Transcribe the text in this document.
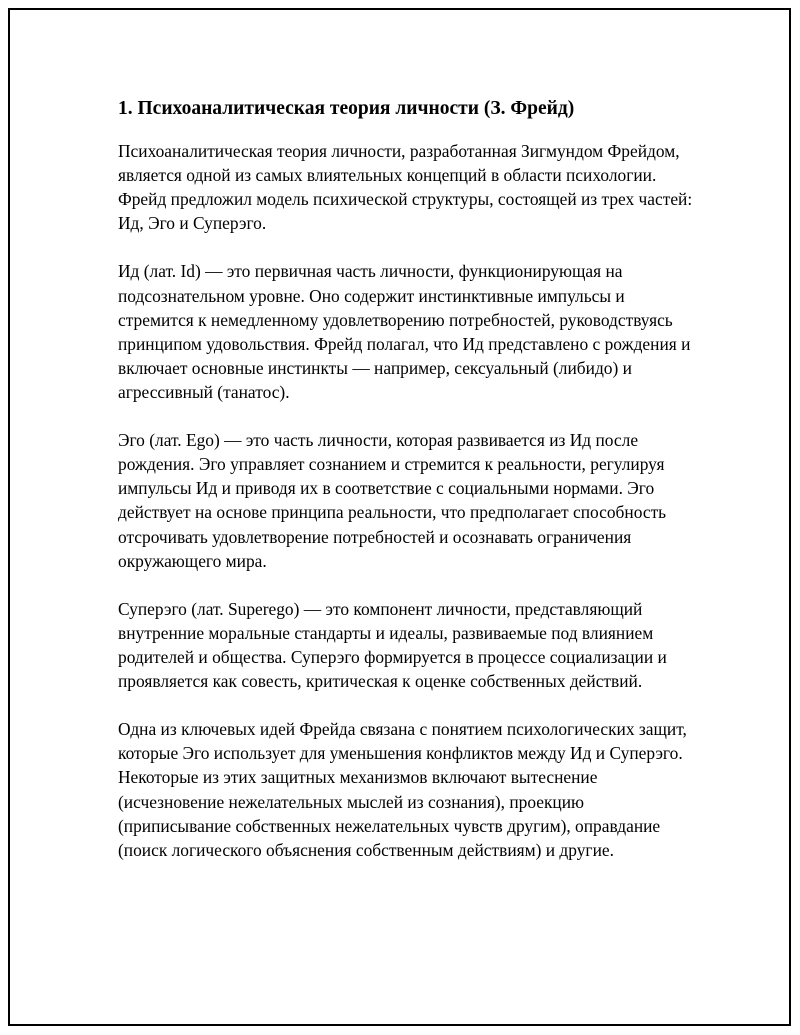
1. Психоаналитическая теория личности (З. Фрейд)

Психоаналитическая теория личности, разработанная Зигмундом Фрейдом, является одной из самых влиятельных концепций в области психологии. Фрейд предложил модель психической структуры, состоящей из трех частей: Ид, Эго и Суперэго.

Ид (лат. Id) — это первичная часть личности, функционирующая на подсознательном уровне. Оно содержит инстинктивные импульсы и стремится к немедленному удовлетворению потребностей, руководствуясь принципом удовольствия. Фрейд полагал, что Ид представлено с рождения и включает основные инстинкты — например, сексуальный (либидо) и агрессивный (танатос).

Эго (лат. Ego) — это часть личности, которая развивается из Ид после рождения. Эго управляет сознанием и стремится к реальности, регулируя импульсы Ид и приводя их в соответствие с социальными нормами. Эго действует на основе принципа реальности, что предполагает способность отсрочивать удовлетворение потребностей и осознавать ограничения окружающего мира.

Суперэго (лат. Superego) — это компонент личности, представляющий внутренние моральные стандарты и идеалы, развиваемые под влиянием родителей и общества. Суперэго формируется в процессе социализации и проявляется как совесть, критическая к оценке собственных действий.

Одна из ключевых идей Фрейда связана с понятием психологических защит, которые Эго использует для уменьшения конфликтов между Ид и Суперэго. Некоторые из этих защитных механизмов включают вытеснение (исчезновение нежелательных мыслей из сознания), проекцию (приписывание собственных нежелательных чувств другим), оправдание (поиск логического объяснения собственным действиям) и другие.
